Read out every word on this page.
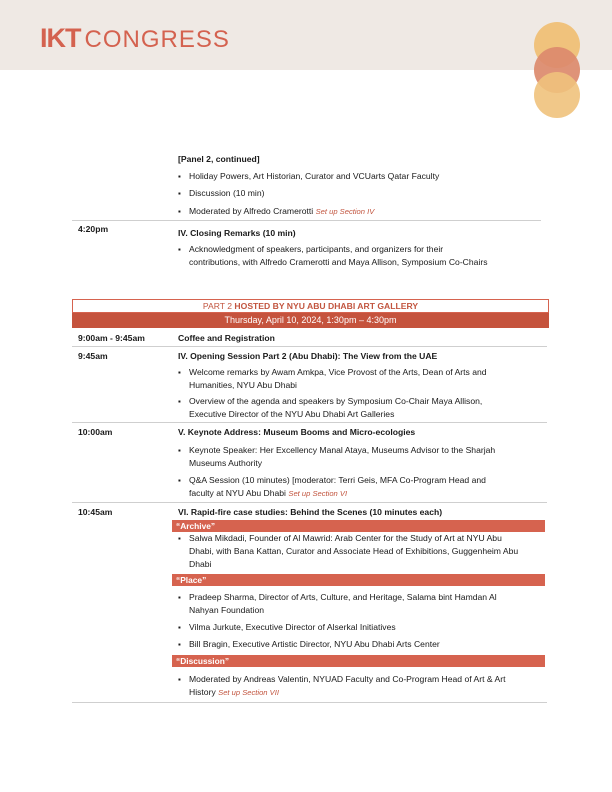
IKT CONGRESS
[Panel 2, continued]
▪ Holiday Powers, Art Historian, Curator and VCUarts Qatar Faculty
▪ Discussion (10 min)
▪ Moderated by Alfredo Cramerotti Set up Section IV
4:20pm	IV. Closing Remarks (10 min)
▪ Acknowledgment of speakers, participants, and organizers for their
contributions, with Alfredo Cramerotti and Maya Allison, Symposium Co-Chairs
PART 2 HOSTED BY NYU ABU DHABI ART GALLERY
Thursday, April 10, 2024, 1:30pm – 4:30pm
9:00am - 9:45am	Coffee and Registration
9:45am	IV. Opening Session Part 2 (Abu Dhabi): The View from the UAE
▪ Welcome remarks by Awam Amkpa, Vice Provost of the Arts, Dean of Arts and
Humanities, NYU Abu Dhabi
▪ Overview of the agenda and speakers by Symposium Co-Chair Maya Allison,
Executive Director of the NYU Abu Dhabi Art Galleries
10:00am	V. Keynote Address: Museum Booms and Micro-ecologies
▪ Keynote Speaker: Her Excellency Manal Ataya, Museums Advisor to the Sharjah
Museums Authority
▪ Q&A Session (10 minutes) [moderator: Terri Geis, MFA Co-Program Head and
faculty at NYU Abu Dhabi Set up Section VI
10:45am	VI. Rapid-fire case studies: Behind the Scenes (10 minutes each)
“Archive”
▪ Salwa Mikdadi, Founder of Al Mawrid: Arab Center for the Study of Art at NYU Abu
Dhabi, with Bana Kattan, Curator and Associate Head of Exhibitions, Guggenheim Abu
Dhabi
“Place”
▪ Pradeep Sharma, Director of Arts, Culture, and Heritage, Salama bint Hamdan Al
Nahyan Foundation
▪ Vilma Jurkute, Executive Director of Alserkal Initiatives
▪ Bill Bragin, Executive Artistic Director, NYU Abu Dhabi Arts Center
“Discussion”
▪ Moderated by Andreas Valentin, NYUAD Faculty and Co-Program Head of Art & Art
History Set up Section VII
